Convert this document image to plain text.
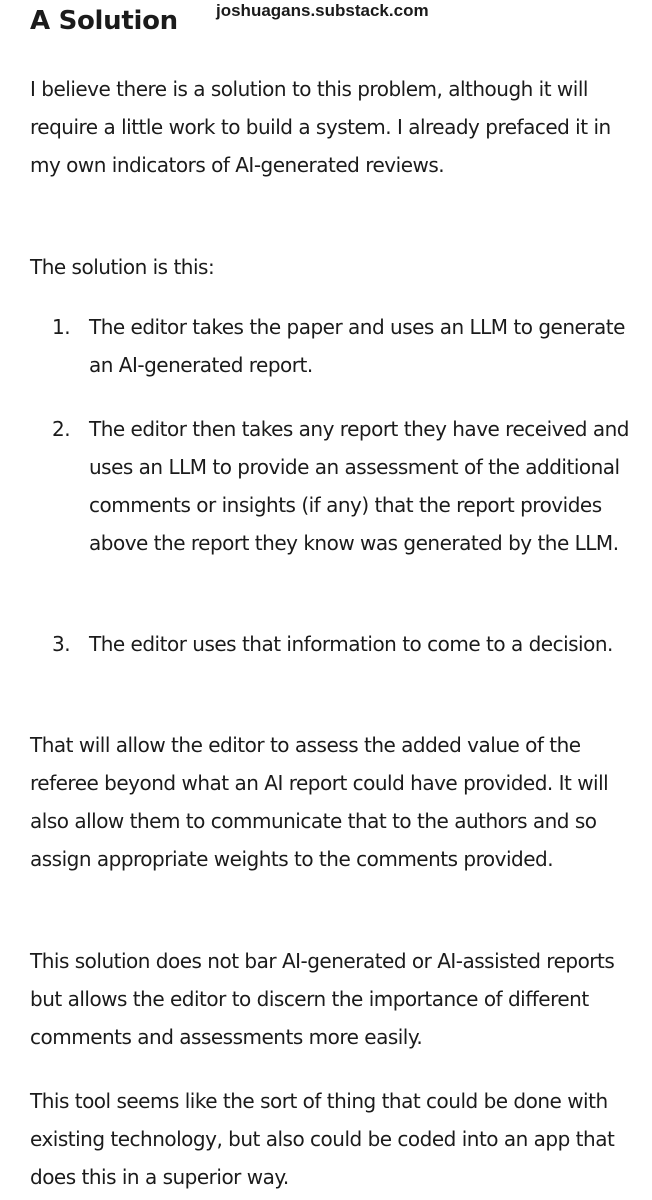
A Solution joshuagans.substack.com

I believe there is a solution to this problem, although it will require a little work to build a system. I already prefaced it in my own indicators of AI-generated reviews.

The solution is this:

1. The editor takes the paper and uses an LLM to generate an AI-generated report.
2. The editor then takes any report they have received and uses an LLM to provide an assessment of the additional comments or insights (if any) that the report provides above the report they know was generated by the LLM.
3. The editor uses that information to come to a decision.

That will allow the editor to assess the added value of the referee beyond what an AI report could have provided. It will also allow them to communicate that to the authors and so assign appropriate weights to the comments provided.

This solution does not bar AI-generated or AI-assisted reports but allows the editor to discern the importance of different comments and assessments more easily.

This tool seems like the sort of thing that could be done with existing technology, but also could be coded into an app that does this in a superior way.
